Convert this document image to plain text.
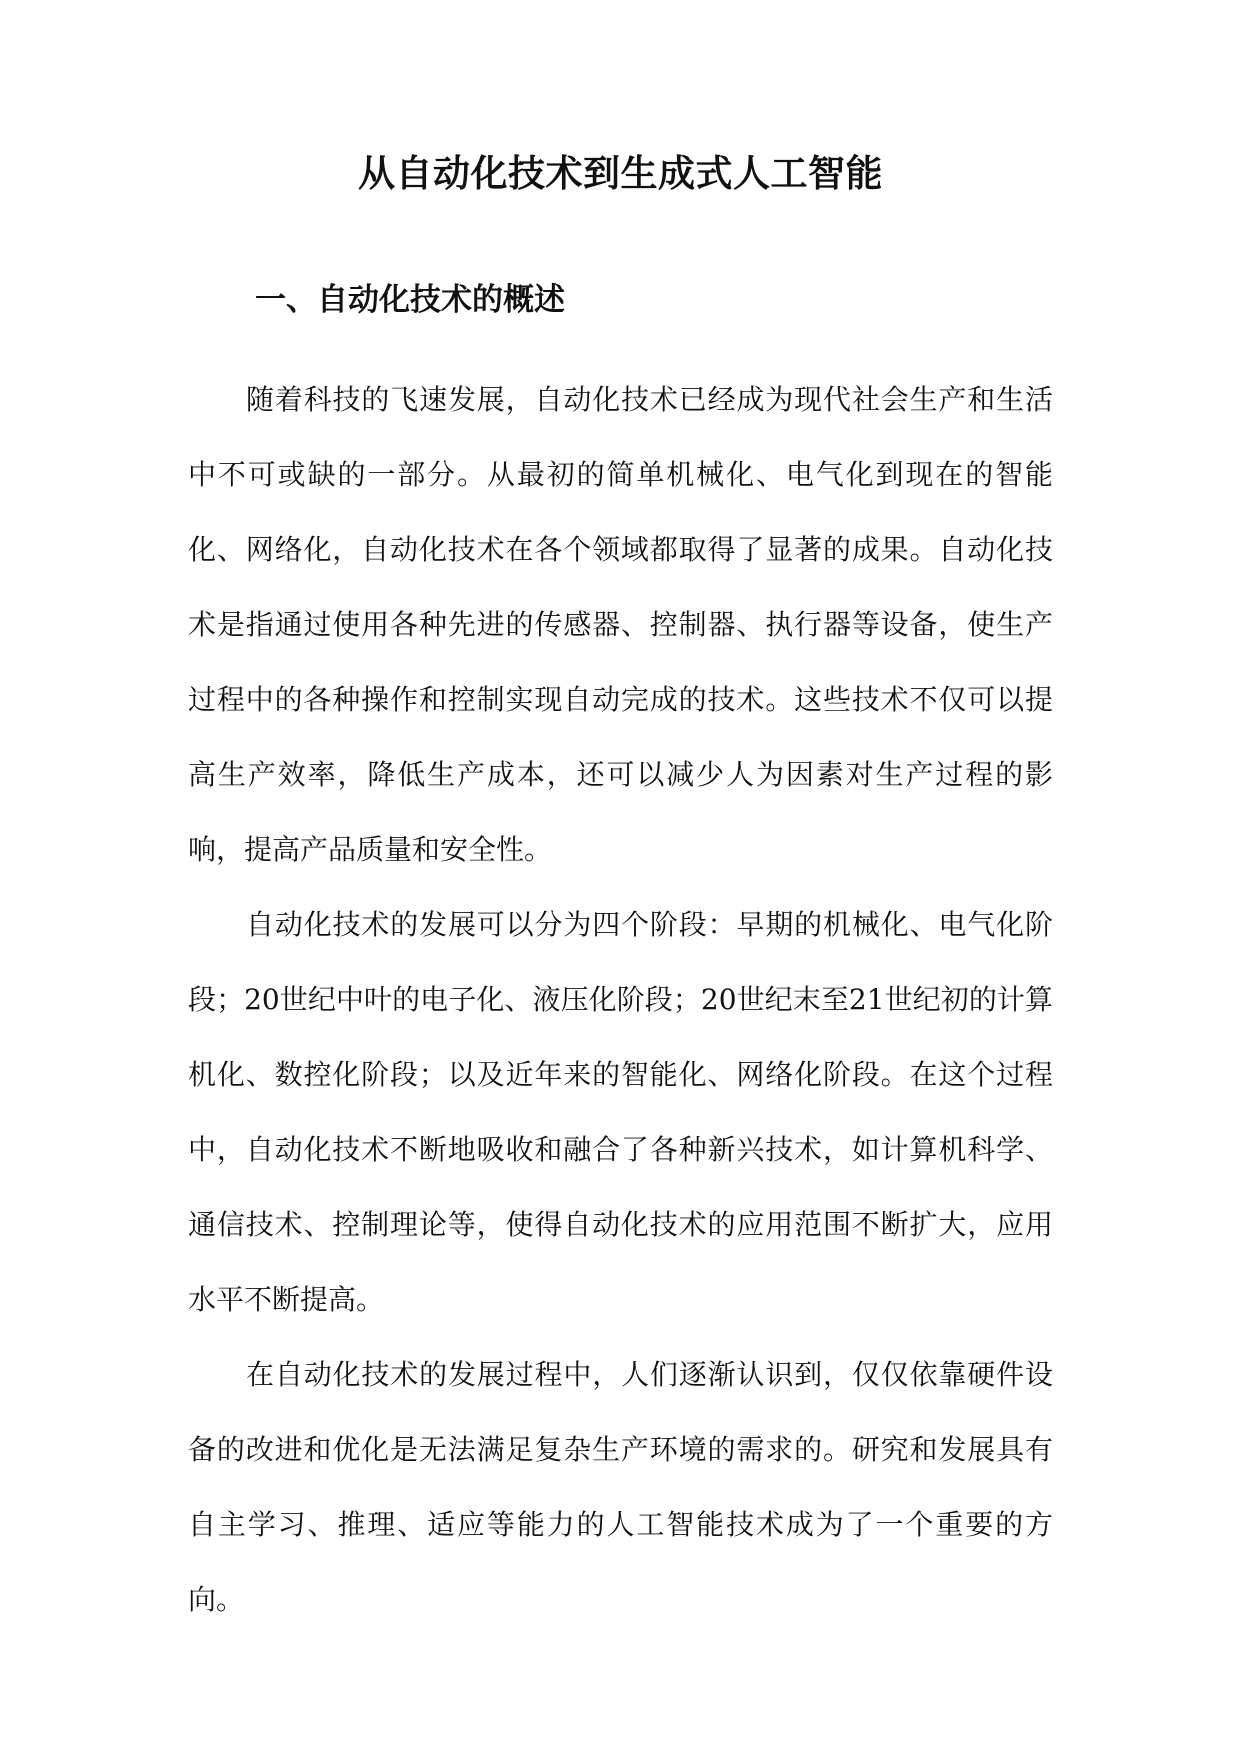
从自动化技术到生成式人工智能
一、自动化技术的概述

随着科技的飞速发展，自动化技术已经成为现代社会生产和生活中不可或缺的一部分。从最初的简单机械化、电气化到现在的智能化、网络化，自动化技术在各个领域都取得了显著的成果。自动化技术是指通过使用各种先进的传感器、控制器、执行器等设备，使生产过程中的各种操作和控制实现自动完成的技术。这些技术不仅可以提高生产效率，降低生产成本，还可以减少人为因素对生产过程的影响，提高产品质量和安全性。

自动化技术的发展可以分为四个阶段：早期的机械化、电气化阶段；20世纪中叶的电子化、液压化阶段；20世纪末至21世纪初的计算机化、数控化阶段；以及近年来的智能化、网络化阶段。在这个过程中，自动化技术不断地吸收和融合了各种新兴技术，如计算机科学、通信技术、控制理论等，使得自动化技术的应用范围不断扩大，应用水平不断提高。

在自动化技术的发展过程中，人们逐渐认识到，仅仅依靠硬件设备的改进和优化是无法满足复杂生产环境的需求的。研究和发展具有自主学习、推理、适应等能力的人工智能技术成为了一个重要的方向。
